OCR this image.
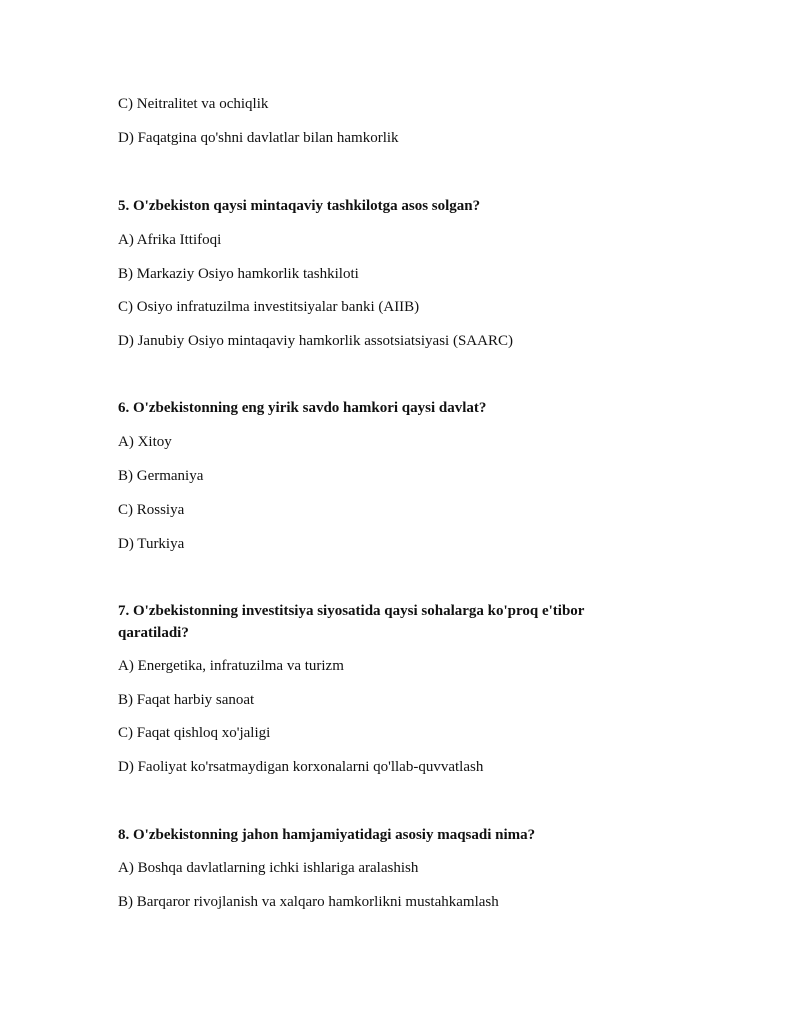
C) Neitralitet va ochiqlik
D) Faqatgina qo'shni davlatlar bilan hamkorlik
5. O'zbekiston qaysi mintaqaviy tashkilotga asos solgan?
A) Afrika Ittifoqi
B) Markaziy Osiyo hamkorlik tashkiloti
C) Osiyo infratuzilma investitsiyalar banki (AIIB)
D) Janubiy Osiyo mintaqaviy hamkorlik assotsiatsiyasi (SAARC)
6. O'zbekistonning eng yirik savdo hamkori qaysi davlat?
A) Xitoy
B) Germaniya
C) Rossiya
D) Turkiya
7. O'zbekistonning investitsiya siyosatida qaysi sohalarga ko'proq e'tibor qaratiladi?
A) Energetika, infratuzilma va turizm
B) Faqat harbiy sanoat
C) Faqat qishloq xo'jaligi
D) Faoliyat ko'rsatmaydigan korxonalarni qo'llab-quvvatlash
8. O'zbekistonning jahon hamjamiyatidagi asosiy maqsadi nima?
A) Boshqa davlatlarning ichki ishlariga aralashish
B) Barqaror rivojlanish va xalqaro hamkorlikni mustahkamlash
